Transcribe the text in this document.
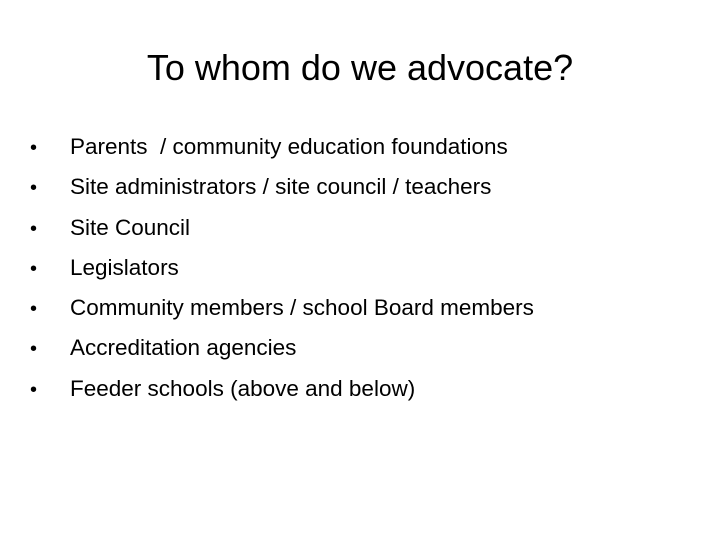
To whom do we advocate?
•	Parents  / community education foundations
•	Site administrators / site council / teachers
•	Site Council
•	Legislators
•	Community members / school Board members
•	Accreditation agencies
•	Feeder schools (above and below)
